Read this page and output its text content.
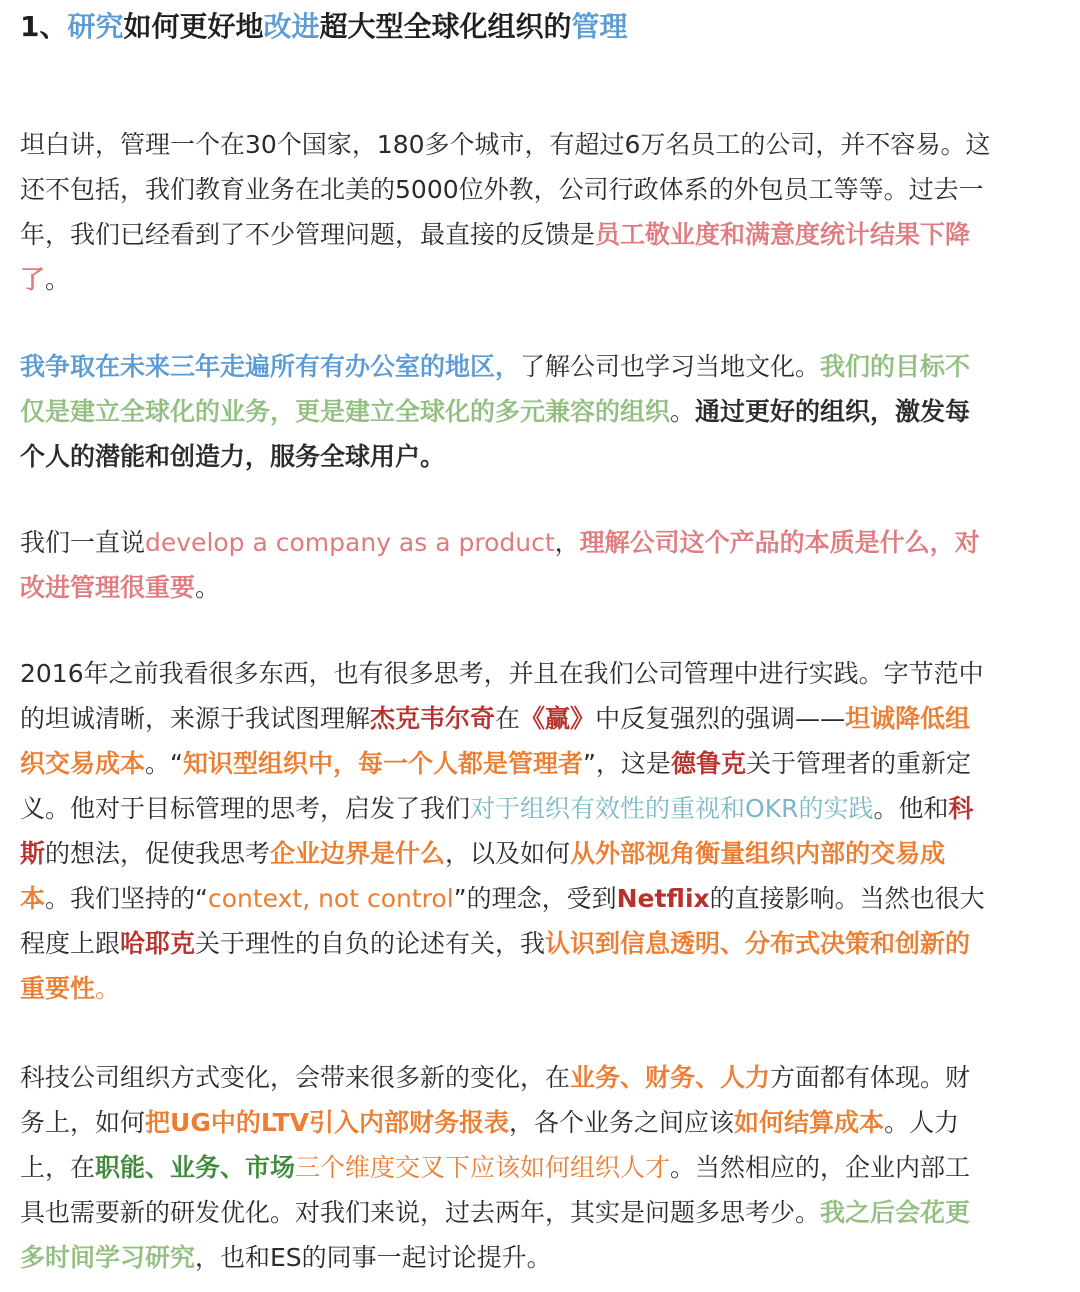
1、研究如何更好地改进超大型全球化组织的管理
坦白讲，管理一个在30个国家，180多个城市，有超过6万名员工的公司，并不容易。这
还不包括，我们教育业务在北美的5000位外教，公司行政体系的外包员工等等。过去一
年，我们已经看到了不少管理问题，最直接的反馈是员工敬业度和满意度统计结果下降
了。
我争取在未来三年走遍所有有办公室的地区，了解公司也学习当地文化。我们的目标不
仅是建立全球化的业务，更是建立全球化的多元兼容的组织。通过更好的组织，激发每
个人的潜能和创造力，服务全球用户。
我们一直说develop a company as a product，理解公司这个产品的本质是什么，对
改进管理很重要。
2016年之前我看很多东西，也有很多思考，并且在我们公司管理中进行实践。字节范中
的坦诚清晰，来源于我试图理解杰克韦尔奇在《赢》中反复强烈的强调——坦诚降低组
织交易成本。“知识型组织中，每一个人都是管理者”，这是德鲁克关于管理者的重新定
义。他对于目标管理的思考，启发了我们对于组织有效性的重视和OKR的实践。他和科
斯的想法，促使我思考企业边界是什么，以及如何从外部视角衡量组织内部的交易成
本。我们坚持的“context, not control”的理念，受到Netflix的直接影响。当然也很大
程度上跟哈耶克关于理性的自负的论述有关，我认识到信息透明、分布式决策和创新的
重要性。
科技公司组织方式变化，会带来很多新的变化，在业务、财务、人力方面都有体现。财
务上，如何把UG中的LTV引入内部财务报表，各个业务之间应该如何结算成本。人力
上，在职能、业务、市场三个维度交叉下应该如何组织人才。当然相应的，企业内部工
具也需要新的研发优化。对我们来说，过去两年，其实是问题多思考少。我之后会花更
多时间学习研究，也和ES的同事一起讨论提升。
